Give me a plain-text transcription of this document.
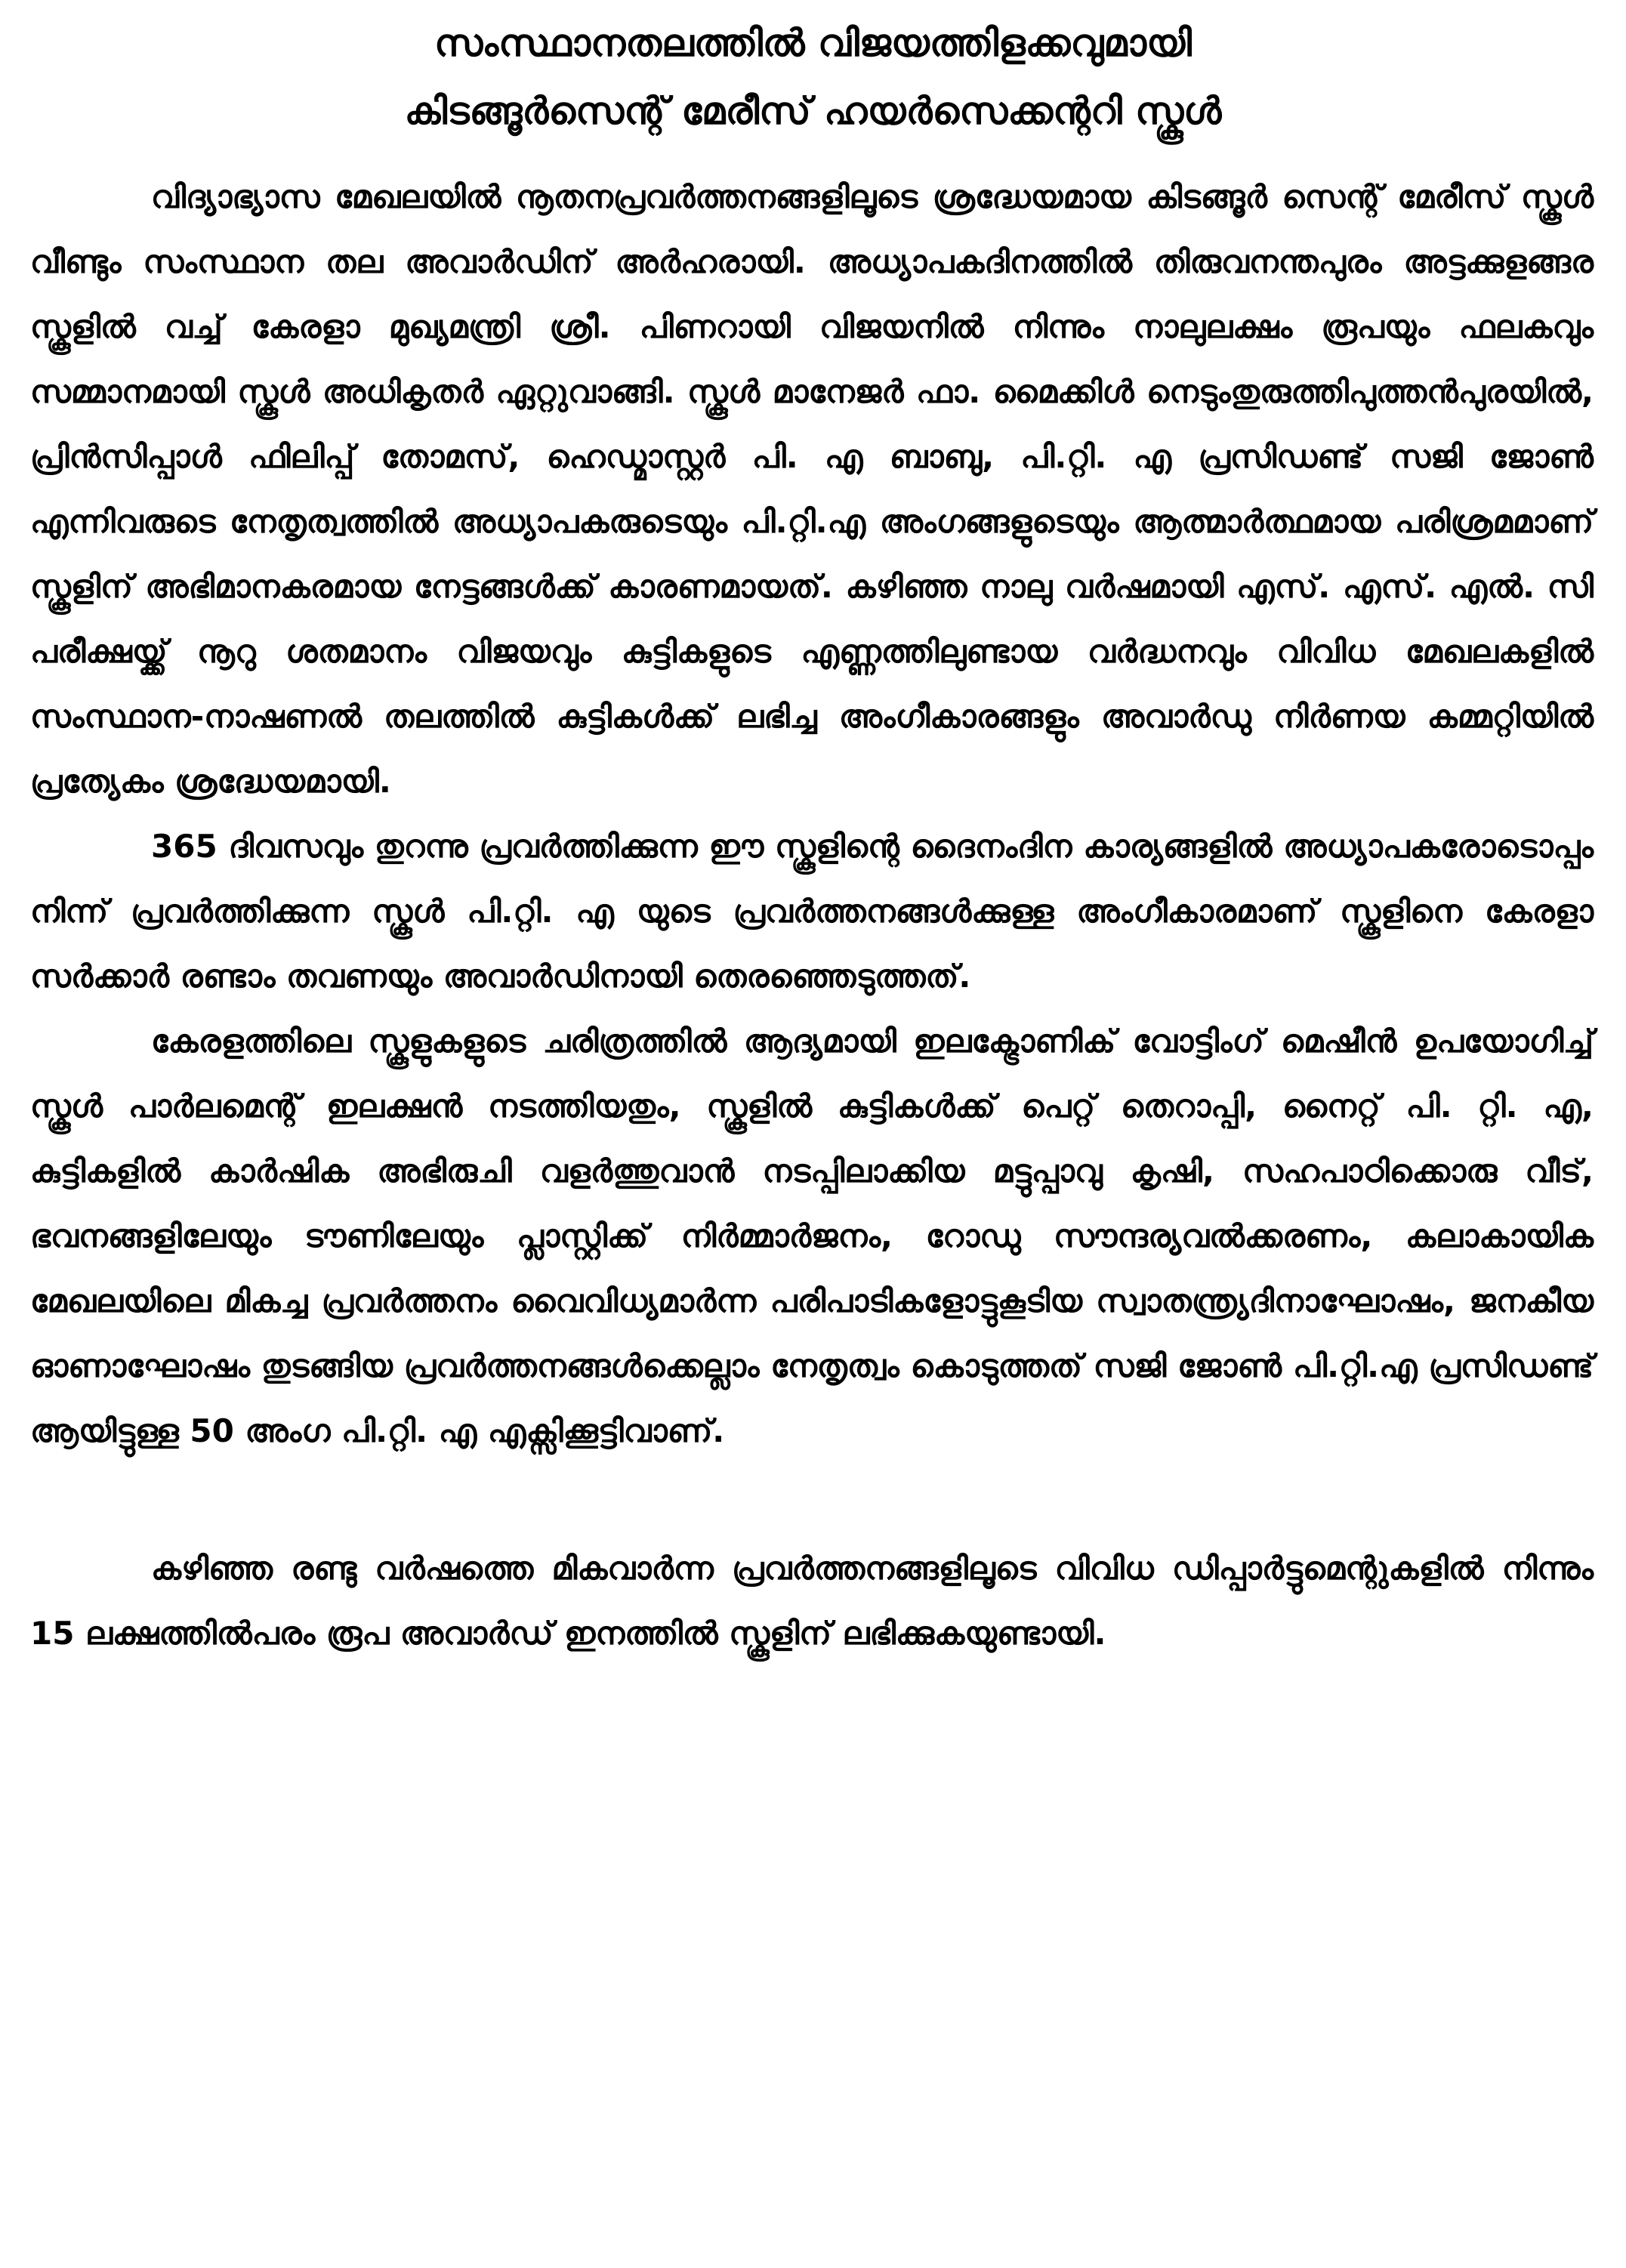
സംസ്ഥാനതലത്തിൽ വിജയത്തിളക്കവുമായി
കിടങ്ങൂർസെന്റ് മേരീസ് ഹയർസെക്കന്ററി സ്കൂൾ

വിദ്യാഭ്യാസ മേഖലയിൽ നൂതനപ്രവർത്തനങ്ങളിലൂടെ ശ്രദ്ധേയമായ കിടങ്ങൂർ സെന്റ് മേരീസ് സ്കൂൾ വീണ്ടും സംസ്ഥാന തല അവാർഡിന് അർഹരായി. അധ്യാപകദിനത്തിൽ തിരുവനന്തപുരം അട്ടക്കുളങ്ങര സ്കൂളിൽ വച്ച് കേരളാ മുഖ്യമന്ത്രി ശ്രീ. പിണറായി വിജയനിൽ നിന്നും നാലുലക്ഷം രൂപയും ഫലകവും സമ്മാനമായി സ്കൂൾ അധികൃതർ ഏറ്റുവാങ്ങി. സ്കൂൾ മാനേജർ ഫാ. മൈക്കിൾ നെടുംതുരുത്തിപുത്തൻപുരയിൽ, പ്രിൻസിപ്പാൾ ഫിലിപ്പ് തോമസ്, ഹെഡ്മാസ്റ്റർ പി. എ ബാബു, പി.റ്റി. എ പ്രസിഡണ്ട് സജി ജോൺ എന്നിവരുടെ നേതൃത്വത്തിൽ അധ്യാപകരുടെയും പി.റ്റി.എ അംഗങ്ങളുടെയും ആത്മാർത്ഥമായ പരിശ്രമമാണ് സ്കൂളിന് അഭിമാനകരമായ നേട്ടങ്ങൾക്ക് കാരണമായത്. കഴിഞ്ഞ നാലു വർഷമായി എസ്. എസ്. എൽ. സി പരീക്ഷയ്ക്ക് നൂറു ശതമാനം വിജയവും കുട്ടികളുടെ എണ്ണത്തിലുണ്ടായ വർദ്ധനവും വിവിധ മേഖലകളിൽ സംസ്ഥാന-നാഷണൽ തലത്തിൽ കുട്ടികൾക്ക് ലഭിച്ച അംഗീകാരങ്ങളും അവാർഡു നിർണയ കമ്മറ്റിയിൽ പ്രത്യേകം ശ്രദ്ധേയമായി.

365 ദിവസവും തുറന്നു പ്രവർത്തിക്കുന്ന ഈ സ്കൂളിന്റെ ദൈനംദിന കാര്യങ്ങളിൽ അധ്യാപകരോടൊപ്പം നിന്ന് പ്രവർത്തിക്കുന്ന സ്കൂൾ പി.റ്റി. എ യുടെ പ്രവർത്തനങ്ങൾക്കുള്ള അംഗീകാരമാണ് സ്കൂളിനെ കേരളാ സർക്കാർ രണ്ടാം തവണയും അവാർഡിനായി തെരഞ്ഞെടുത്തത്.

കേരളത്തിലെ സ്കൂളുകളുടെ ചരിത്രത്തിൽ ആദ്യമായി ഇലക്ട്രോണിക് വോട്ടിംഗ് മെഷീൻ ഉപയോഗിച്ച് സ്കൂൾ പാർലമെന്റ് ഇലക്ഷൻ നടത്തിയതും, സ്കൂളിൽ കുട്ടികൾക്ക് പെറ്റ് തെറാപ്പി, നൈറ്റ് പി. റ്റി. എ, കുട്ടികളിൽ കാർഷിക അഭിരുചി വളർത്തുവാൻ നടപ്പിലാക്കിയ മട്ടുപ്പാവു കൃഷി, സഹപാഠിക്കൊരു വീട്, ഭവനങ്ങളിലേയും ടൗണിലേയും പ്ലാസ്റ്റിക്ക് നിർമ്മാർജനം, റോഡു സൗന്ദര്യവൽക്കരണം, കലാകായിക മേഖലയിലെ മികച്ച പ്രവർത്തനം വൈവിധ്യമാർന്ന പരിപാടികളോട്ടുകൂടിയ സ്വാതന്ത്ര്യദിനാഘോഷം, ജനകീയ ഓണാഘോഷം തുടങ്ങിയ പ്രവർത്തനങ്ങൾക്കെല്ലാം നേതൃത്വം കൊടുത്തത് സജി ജോൺ പി.റ്റി.എ പ്രസിഡണ്ട് ആയിട്ടുള്ള 50 അംഗ പി.റ്റി. എ എക്സിക്കൂട്ടിവാണ്.

കഴിഞ്ഞ രണ്ടു വർഷത്തെ മികവാർന്ന പ്രവർത്തനങ്ങളിലൂടെ വിവിധ ഡിപ്പാർട്ടുമെന്റുകളിൽ നിന്നും 15 ലക്ഷത്തിൽപരം രൂപ അവാർഡ് ഇനത്തിൽ സ്കൂളിന് ലഭിക്കുകയുണ്ടായി.
